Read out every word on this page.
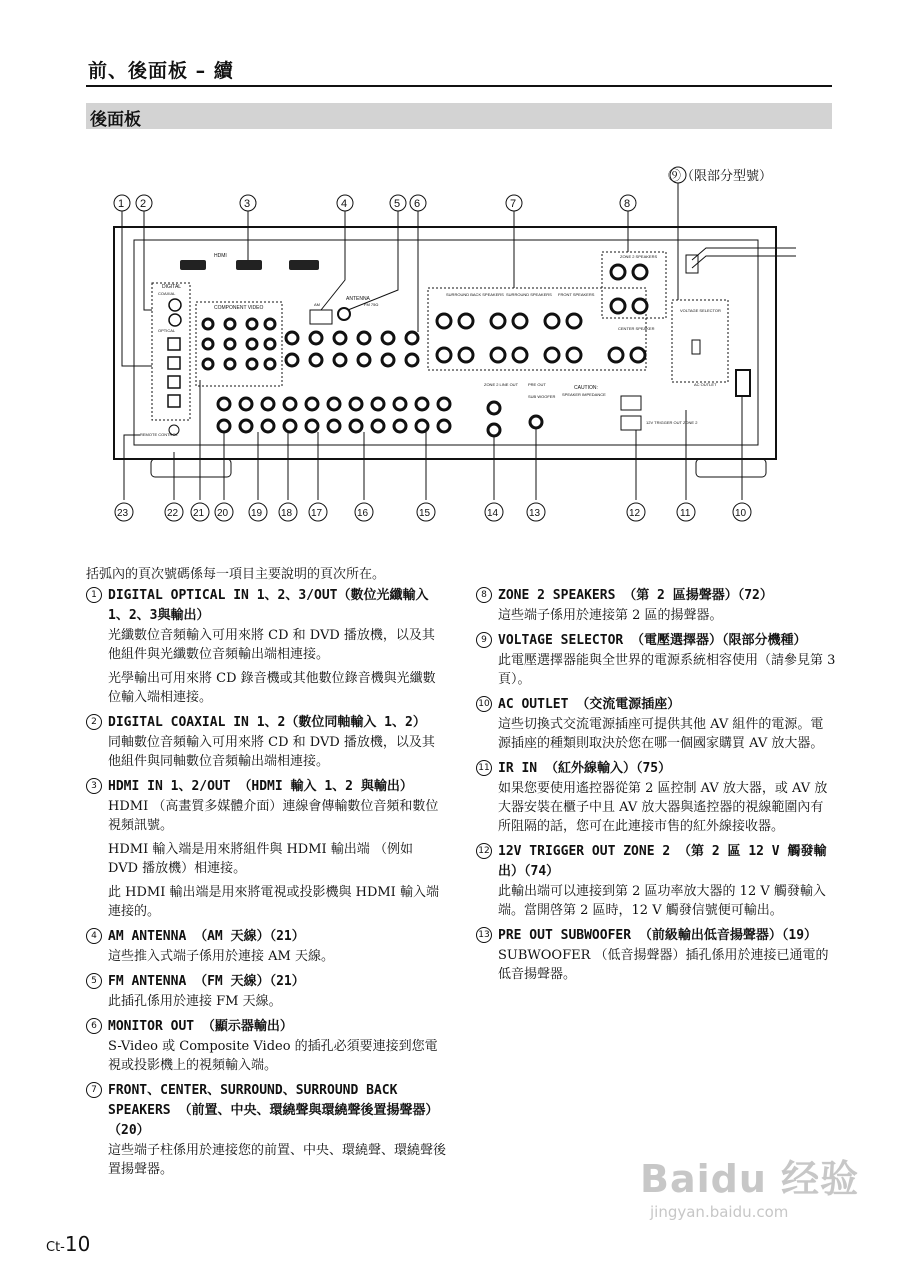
前、後面板 – 續
後面板
⑨（限部分型號）
1 2	3	4	5 6	7	8
HDMI
DIGITAL
COAXIAL
OPTICAL
REMOTE CONTROL
COMPONENT VIDEO
ANTENNA
AM	FM 75Ω
SURROUND BACK SPEAKERS SURROUND SPEAKERS FRONT SPEAKERS
CENTER SPEAKER
ZONE 2 SPEAKERS
VOLTAGE SELECTOR
AC OUTLET
ZONE 2 LINE OUT PRE OUT
SUB WOOFER
CAUTION:
SPEAKER IMPEDANCE
12V TRIGGER OUT ZONE 2
23	22 21 20 19 18 17	16	15	14	13	12	11	10
括弧內的頁次號碼係每一項目主要說明的頁次所在。
1 DIGITAL OPTICAL IN 1、2、3/OUT（數位光纖輸入 1、2、3與輸出）
光纖數位音頻輸入可用來將 CD 和 DVD 播放機，以及其他組件與光纖數位音頻輸出端相連接。
光學輸出可用來將 CD 錄音機或其他數位錄音機與光纖數位輸入端相連接。
2 DIGITAL COAXIAL IN 1、2（數位同軸輸入 1、2）
同軸數位音頻輸入可用來將 CD 和 DVD 播放機，以及其他組件與同軸數位音頻輸出端相連接。
3 HDMI IN 1、2/OUT （HDMI 輸入 1、2 與輸出）
HDMI （高畫質多媒體介面）連線會傳輸數位音頻和數位視頻訊號。
HDMI 輸入端是用來將組件與 HDMI 輸出端 （例如 DVD 播放機）相連接。
此 HDMI 輸出端是用來將電視或投影機與 HDMI 輸入端連接的。
4 AM ANTENNA （AM 天線）（21）
這些推入式端子係用於連接 AM 天線。
5 FM ANTENNA （FM 天線）（21）
此插孔係用於連接 FM 天線。
6 MONITOR OUT （顯示器輸出）
S-Video 或 Composite Video 的插孔必須要連接到您電視或投影機上的視頻輸入端。
7 FRONT、CENTER、SURROUND、SURROUND BACK SPEAKERS （前置、中央、環繞聲與環繞聲後置揚聲器）（20）
這些端子柱係用於連接您的前置、中央、環繞聲、環繞聲後置揚聲器。
8 ZONE 2 SPEAKERS （第 2 區揚聲器）（72）
這些端子係用於連接第 2 區的揚聲器。
9 VOLTAGE SELECTOR （電壓選擇器）（限部分機種）
此電壓選擇器能與全世界的電源系統相容使用（請參見第 3 頁）。
10 AC OUTLET （交流電源插座）
這些切換式交流電源插座可提供其他 AV 組件的電源。電源插座的種類則取決於您在哪一個國家購買 AV 放大器。
11 IR IN （紅外線輸入）（75）
如果您要使用遙控器從第 2 區控制 AV 放大器，或 AV 放大器安裝在櫃子中且 AV 放大器與遙控器的視線範圍內有所阻隔的話，您可在此連接市售的紅外線接收器。
12 12V TRIGGER OUT ZONE 2 （第 2 區 12 V 觸發輸出）（74）
此輸出端可以連接到第 2 區功率放大器的 12 V 觸發輸入端。當開啓第 2 區時，12 V 觸發信號便可輸出。
13 PRE OUT SUBWOOFER （前級輸出低音揚聲器）（19）
SUBWOOFER （低音揚聲器）插孔係用於連接已通電的低音揚聲器。
Ct-10
Baidu 经验
jingyan.baidu.com
